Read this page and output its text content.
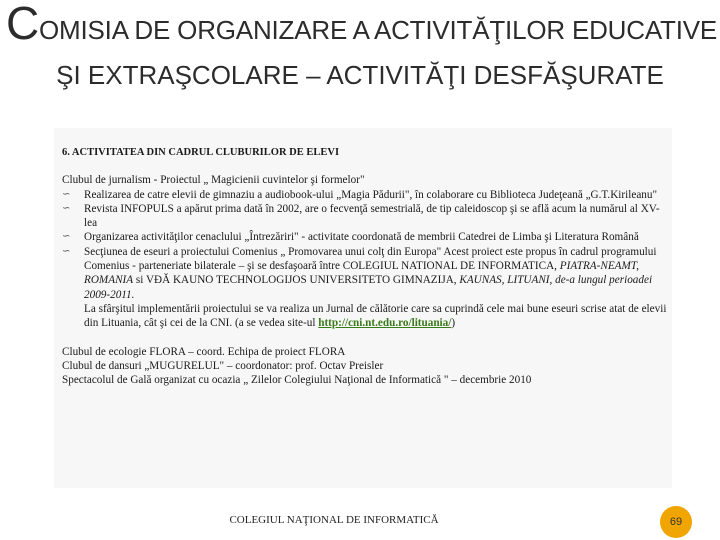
COMISIA DE ORGANIZARE A ACTIVITĂŢILOR EDUCATIVE
ŞI EXTRAŞCOLARE – ACTIVITĂŢI DESFĂŞURATE
6. ACTIVITATEA DIN CADRUL CLUBURILOR DE ELEVI

Clubul de jurnalism - Proiectul „ Magicienii cuvintelor şi formelor"

∽ Realizarea de catre elevii de gimnaziu a audiobook-ului „Magia Pădurii", în colaborare cu Biblioteca Judeţeană „G.T.Kirileanu"
∽ Revista INFOPULS a apărut prima dată în 2002, are o fecvenţă semestrială, de tip caleidoscop şi se află acum la numărul al XV-lea
∽ Organizarea activităţilor cenaclului „Întrezăriri" - activitate coordonată de membrii Catedrei de Limba şi Literatura Română
∽ Secţiunea de eseuri a proiectului Comenius „ Promovarea unui colţ din Europa" Acest proiect este propus în cadrul programului Comenius - parteneriate bilaterale – şi se desfaşoară între COLEGIUL NATIONAL DE INFORMATICA, PIATRA-NEAMT, ROMANIA si VĐĂ KAUNO TECHNOLOGIJOS UNIVERSITETO GIMNAZIJA, KAUNAS, LITUANI, de-a lungul perioadei 2009-2011.
La sfârşitul implementării proiectului se va realiza un Jurnal de călătorie care sa cuprindă cele mai bune eseuri scrise atat de elevii din Lituania, cât şi cei de la CNI. (a se vedea site-ul http://cni.nt.edu.ro/lituania/)

Clubul de ecologie FLORA – coord. Echipa de proiect FLORA

Clubul de dansuri „MUGURELUL" – coordonator: prof. Octav Preisler

Spectacolul de Gală organizat cu ocazia „ Zilelor Colegiului Naţional de Informatică " – decembrie 2010

COLEGIUL NAŢIONAL DE INFORMATICĂ	69
